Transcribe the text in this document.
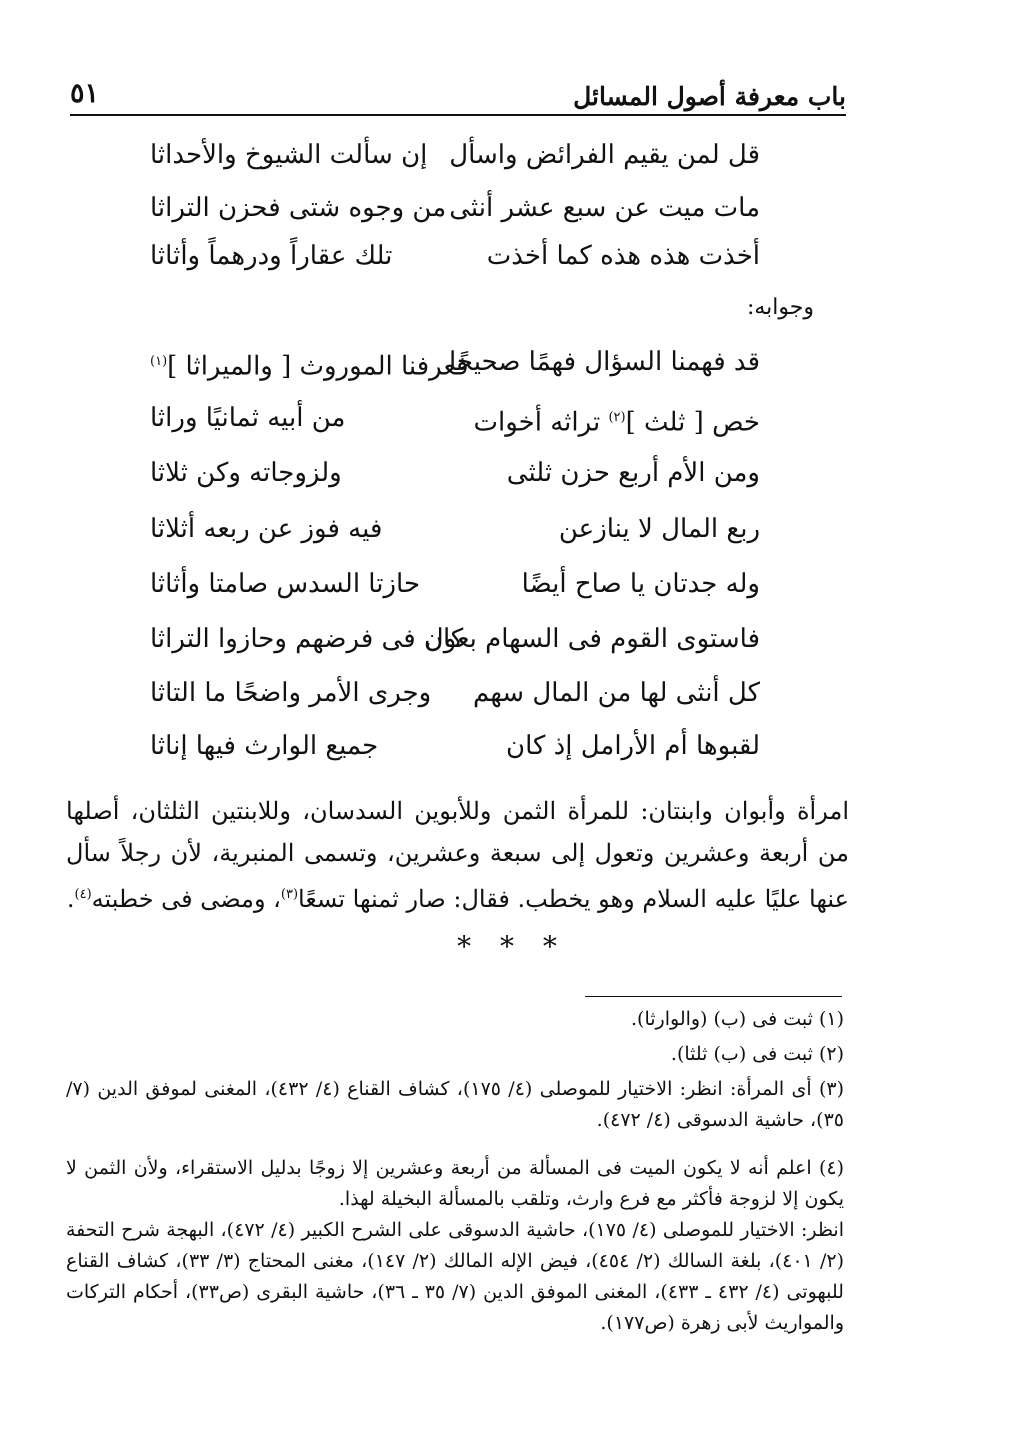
باب معرفة أصول المسائل
٥١
قل لمن يقيم الفرائض واسأل
إن سألت الشيوخ والأحداثا
مات ميت عن سبع عشر أنثى
من وجوه شتى فحزن التراثا
أخذت هذه هذه كما أخذت
تلك عقاراً ودرهماً وأثاثا
وجوابه:
قد فهمنا السؤال فهمًا صحيحًا
فعرفنا الموروث [ والميراثا ]$^{(١)}$
خص [ ثلث ]$^{(٢)}$ تراثه أخوات
من أبيه ثمانيًا وراثا
ومن الأم أربع حزن ثلثى
ولزوجاته وكن ثلاثا
ربع المال لا ينازعن
فيه فوز عن ربعه أثلاثا
وله جدتان يا صاح أيضًا
حازتا السدس صامتا وأثاثا
فاستوى القوم فى السهام بعول
كان فى فرضهم وحازوا التراثا
كل أنثى لها من المال سهم
وجرى الأمر واضحًا ما التاثا
لقبوها أم الأرامل إذ كان
جميع الوارث فيها إناثا

امرأة وأبوان وابنتان: للمرأة الثمن وللأبوين السدسان، وللابنتين الثلثان، أصلها من أربعة وعشرين وتعول إلى سبعة وعشرين، وتسمى المنبرية، لأن رجلاً سأل عنها عليًا عليه السلام وهو يخطب. فقال: صار ثمنها تسعًا$^{(٣)}$، ومضى فى خطبته$^{(٤)}$.

* * *
(١) ثبت فى (ب) (والوارثا).
(٢) ثبت فى (ب) ثلثا).

(٣) أى المرأة: انظر: الاختيار للموصلى (٤/ ١٧٥)، كشاف القناع (٤/ ٤٣٢)، المغنى لموفق الدين (٧/ ٣٥)، حاشية الدسوقى (٤/ ٤٧٢).

(٤) اعلم أنه لا يكون الميت فى المسألة من أربعة وعشرين إلا زوجًا بدليل الاستقراء، ولأن الثمن لا يكون إلا لزوجة فأكثر مع فرع وارث، وتلقب بالمسألة البخيلة لهذا.

انظر: الاختيار للموصلى (٤/ ١٧٥)، حاشية الدسوقى على الشرح الكبير (٤/ ٤٧٢)، البهجة شرح التحفة (٢/ ٤٠١)، بلغة السالك (٢/ ٤٥٤)، فيض الإله المالك (٢/ ١٤٧)، مغنى المحتاج (٣/ ٣٣)، كشاف القناع للبهوتى (٤/ ٤٣٢ ـ ٤٣٣)، المغنى الموفق الدين (٧/ ٣٥ ـ ٣٦)، حاشية البقرى (ص٣٣)، أحكام التركات والمواريث لأبى زهرة (ص١٧٧).
